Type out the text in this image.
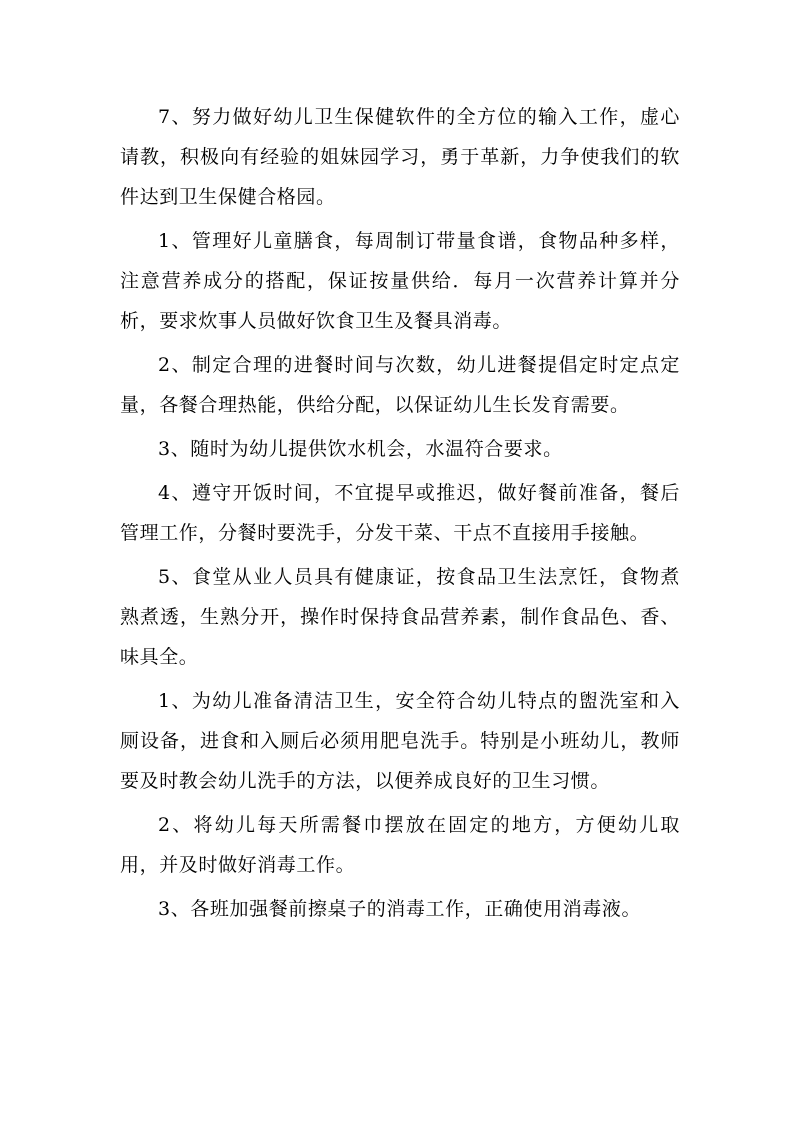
7、努力做好幼儿卫生保健软件的全方位的输入工作，虚心请教，积极向有经验的姐妹园学习，勇于革新，力争使我们的软件达到卫生保健合格园。

1、管理好儿童膳食，每周制订带量食谱，食物品种多样，注意营养成分的搭配，保证按量供给．每月一次营养计算并分析，要求炊事人员做好饮食卫生及餐具消毒。

2、制定合理的进餐时间与次数，幼儿进餐提倡定时定点定量，各餐合理热能，供给分配，以保证幼儿生长发育需要。

3、随时为幼儿提供饮水机会，水温符合要求。

4、遵守开饭时间，不宜提早或推迟，做好餐前准备，餐后管理工作，分餐时要洗手，分发干菜、干点不直接用手接触。

5、食堂从业人员具有健康证，按食品卫生法烹饪，食物煮熟煮透，生熟分开，操作时保持食品营养素，制作食品色、香、味具全。

1、为幼儿准备清洁卫生，安全符合幼儿特点的盥洗室和入厕设备，进食和入厕后必须用肥皂洗手。特别是小班幼儿，教师要及时教会幼儿洗手的方法，以便养成良好的卫生习惯。

2、将幼儿每天所需餐巾摆放在固定的地方，方便幼儿取用，并及时做好消毒工作。

3、各班加强餐前擦桌子的消毒工作，正确使用消毒液。
